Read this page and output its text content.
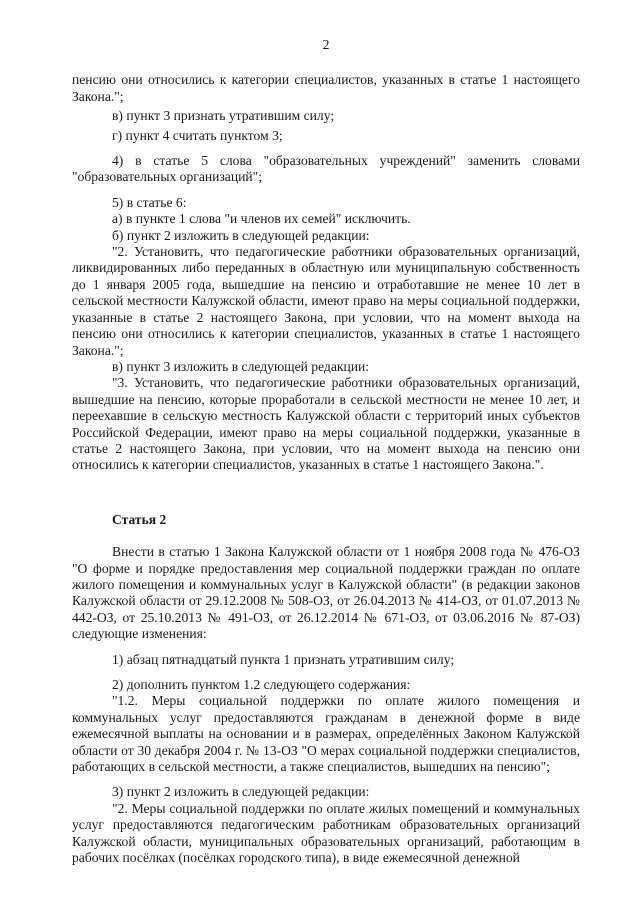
2

пенсию они относились к категории специалистов, указанных в статье 1 настоящего Закона.";

в) пункт 3 признать утратившим силу;

г) пункт 4 считать пунктом 3;

4) в статье 5 слова "образовательных учреждений" заменить словами "образовательных организаций";

5) в статье 6:

а) в пункте 1 слова "и членов их семей" исключить.

б) пункт 2 изложить в следующей редакции:

"2. Установить, что педагогические работники образовательных организаций, ликвидированных либо переданных в областную или муниципальную собственность до 1 января 2005 года, вышедшие на пенсию и отработавшие не менее 10 лет в сельской местности Калужской области, имеют право на меры социальной поддержки, указанные в статье 2 настоящего Закона, при условии, что на момент выхода на пенсию они относились к категории специалистов, указанных в статье 1 настоящего Закона.";

в) пункт 3 изложить в следующей редакции:

"3. Установить, что педагогические работники образовательных организаций, вышедшие на пенсию, которые проработали в сельской местности не менее 10 лет, и переехавшие в сельскую местность Калужской области с территорий иных субъектов Российской Федерации, имеют право на меры социальной поддержки, указанные в статье 2 настоящего Закона, при условии, что на момент выхода на пенсию они относились к категории специалистов, указанных в статье 1 настоящего Закона.".

Статья 2

Внести в статью 1 Закона Калужской области от 1 ноября 2008 года № 476-ОЗ "О форме и порядке предоставления мер социальной поддержки граждан по оплате жилого помещения и коммунальных услуг в Калужской области" (в редакции законов Калужской области от 29.12.2008 № 508-ОЗ, от 26.04.2013 № 414-ОЗ, от 01.07.2013 № 442-ОЗ, от 25.10.2013 № 491-ОЗ, от 26.12.2014 № 671-ОЗ, от 03.06.2016 № 87-ОЗ) следующие изменения:

1) абзац пятнадцатый пункта 1 признать утратившим силу;

2) дополнить пунктом 1.2 следующего содержания:

"1.2. Меры социальной поддержки по оплате жилого помещения и коммунальных услуг предоставляются гражданам в денежной форме в виде ежемесячной выплаты на основании и в размерах, определённых Законом Калужской области от 30 декабря 2004 г. № 13-ОЗ "О мерах социальной поддержки специалистов, работающих в сельской местности, а также специалистов, вышедших на пенсию";

3) пункт 2 изложить в следующей редакции:

"2. Меры социальной поддержки по оплате жилых помещений и коммунальных услуг предоставляются педагогическим работникам образовательных организаций Калужской области, муниципальных образовательных организаций, работающим в рабочих посёлках (посёлках городского типа), в виде ежемесячной денежной
